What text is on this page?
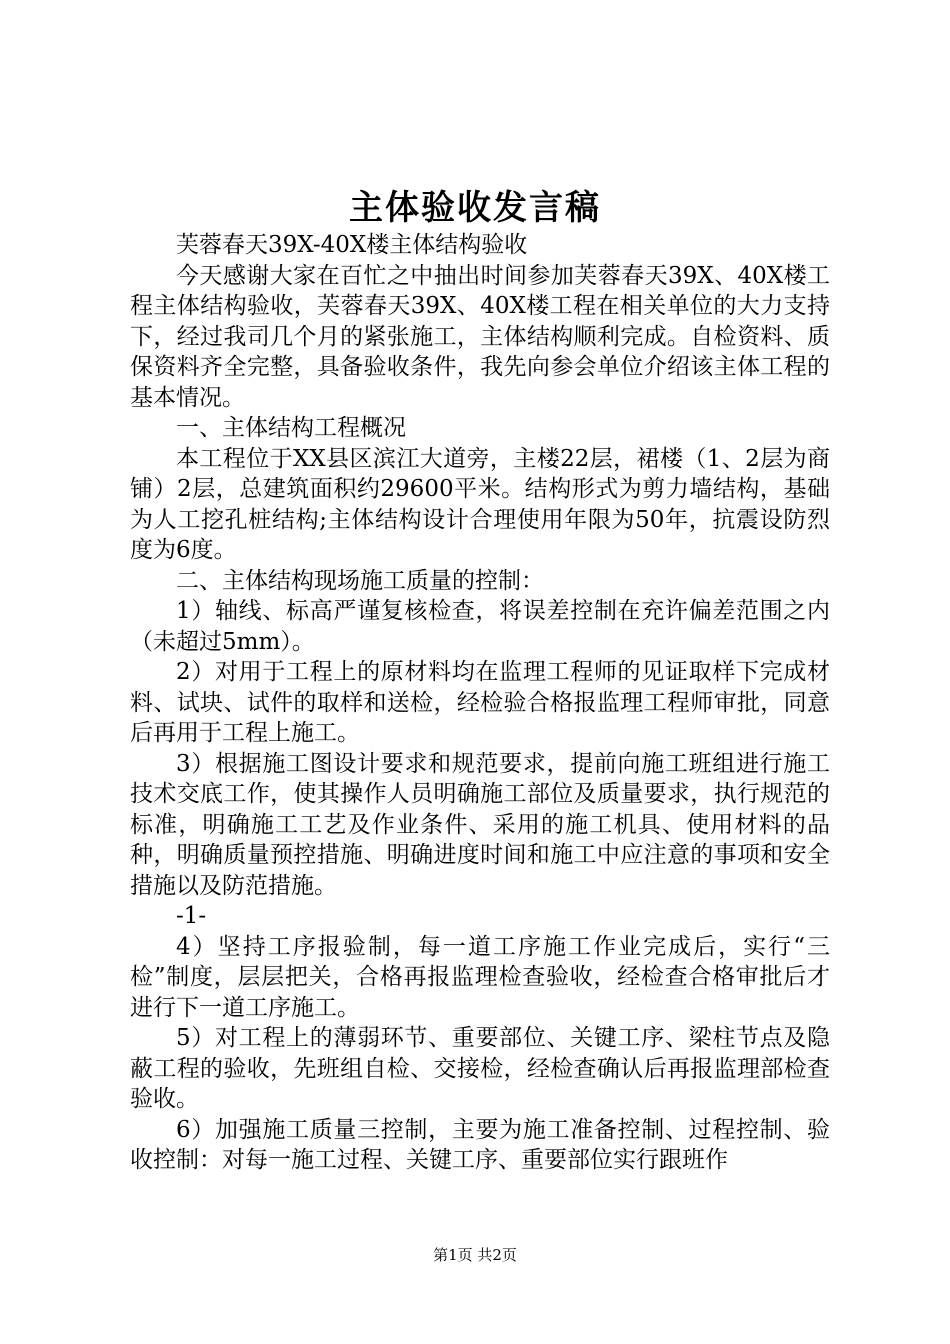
主体验收发言稿

芙蓉春天39X-40X楼主体结构验收

今天感谢大家在百忙之中抽出时间参加芙蓉春天39X、40X楼工程主体结构验收，芙蓉春天39X、40X楼工程在相关单位的大力支持下，经过我司几个月的紧张施工，主体结构顺利完成。自检资料、质保资料齐全完整，具备验收条件，我先向参会单位介绍该主体工程的基本情况。

一、主体结构工程概况

本工程位于XX县区滨江大道旁，主楼22层，裙楼（1、2层为商铺）2层，总建筑面积约29600平米。结构形式为剪力墙结构，基础为人工挖孔桩结构;主体结构设计合理使用年限为50年，抗震设防烈度为6度。

二、主体结构现场施工质量的控制：

1）轴线、标高严谨复核检查，将误差控制在充许偏差范围之内（未超过5mm）。

2）对用于工程上的原材料均在监理工程师的见证取样下完成材料、试块、试件的取样和送检，经检验合格报监理工程师审批，同意后再用于工程上施工。

3）根据施工图设计要求和规范要求，提前向施工班组进行施工技术交底工作，使其操作人员明确施工部位及质量要求，执行规范的标准，明确施工工艺及作业条件、采用的施工机具、使用材料的品种，明确质量预控措施、明确进度时间和施工中应注意的事项和安全措施以及防范措施。

-1-

4）坚持工序报验制，每一道工序施工作业完成后，实行“三检”制度，层层把关，合格再报监理检查验收，经检查合格审批后才进行下一道工序施工。

5）对工程上的薄弱环节、重要部位、关键工序、梁柱节点及隐蔽工程的验收，先班组自检、交接检，经检查确认后再报监理部检查验收。

6）加强施工质量三控制，主要为施工准备控制、过程控制、验收控制：对每一施工过程、关键工序、重要部位实行跟班作

第1页 共2页
